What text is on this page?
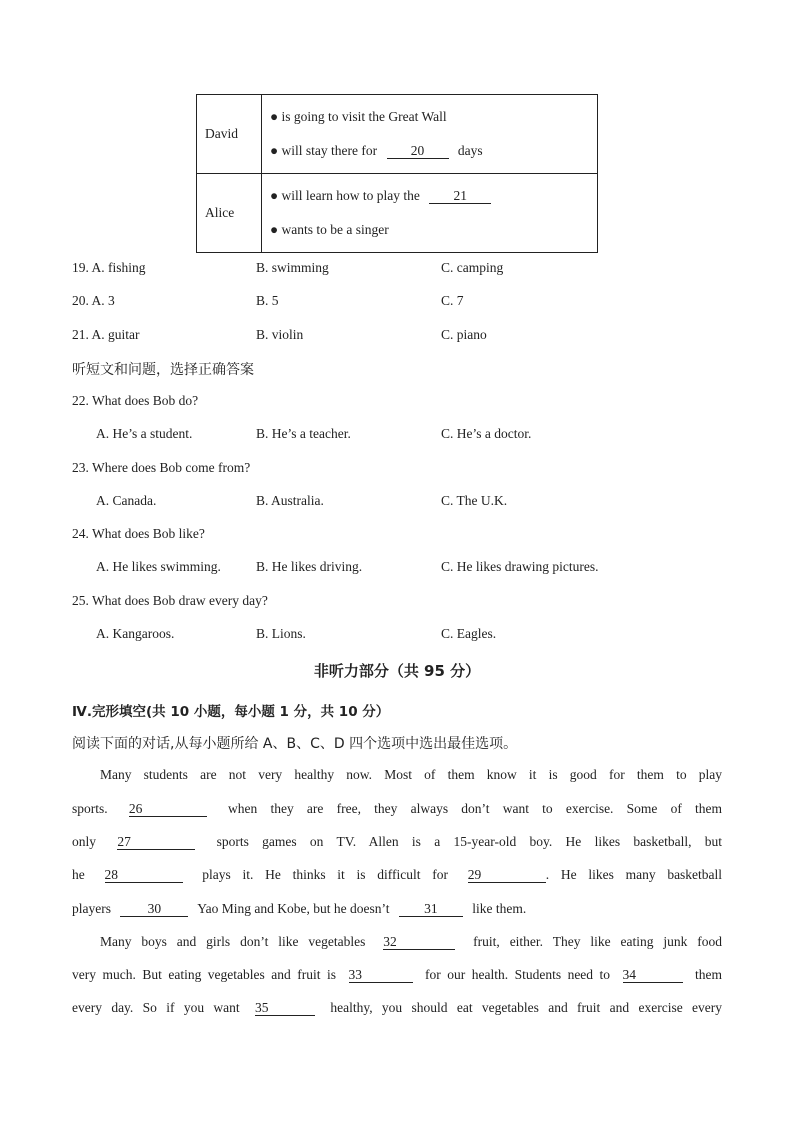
David	● is going to visit the Great Wall
● will stay there for 20 days

Alice	● will learn how to play the 21
● wants to be a singer
19. A. fishing	B. swimming	C. camping
20. A. 3	B. 5	C. 7
21. A. guitar	B. violin	C. piano
听短文和问题，选择正确答案
22. What does Bob do?
A. He’s a student.	B. He’s a teacher.	C. He’s a doctor.
23. Where does Bob come from?
A. Canada.	B. Australia.	C. The U.K.
24. What does Bob like?
A. He likes swimming.	B. He likes driving.	C. He likes drawing pictures.
25. What does Bob draw every day?
A. Kangaroos.	B. Lions.	C. Eagles.
非听力部分（共 95 分）
Ⅳ.完形填空(共 10 小题，每小题 1 分，共 10 分）
阅读下面的对话,从每小题所给 A、B、C、D 四个选项中选出最佳选项。
Many students are not very healthy now. Most of them know it is good for them to play
sports. 26	when they are free, they always don’t want to exercise. Some of them
only 27	sports games on TV. Allen is a 15-year-old boy. He likes basketball, but
he 28	plays it. He thinks it is difficult for 29	. He likes many basketball
players	30	Yao Ming and Kobe, but he doesn’t	31	like them.
Many boys and girls don’t like vegetables 32	fruit, either. They like eating junk food
very much. But eating vegetables and fruit is 33	for our health. Students need to 34	them
every day. So if you want 35	healthy, you should eat vegetables and fruit and exercise every
